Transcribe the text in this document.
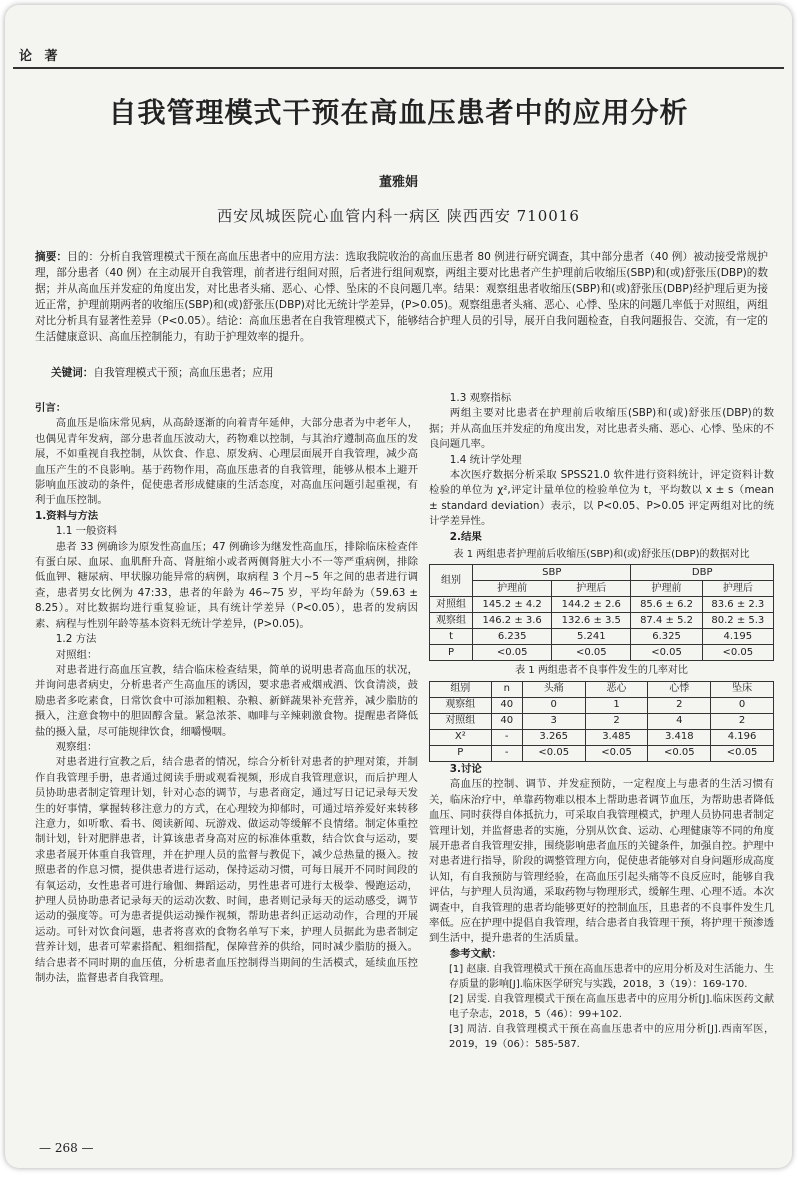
论 著
自我管理模式干预在高血压患者中的应用分析
董雅娟
西安凤城医院心血管内科一病区 陕西西安 710016
摘要：目的：分析自我管理模式干预在高血压患者中的应用方法：选取我院收治的高血压患者 80 例进行研究调查，其中部分患者（40 例）被动接受常规护理，部分患者（40 例）在主动展开自我管理，前者进行组间对照，后者进行组间观察，两组主要对比患者产生护理前后收缩压(SBP)和(或)舒张压(DBP)的数据；并从高血压并发症的角度出发，对比患者头痛、恶心、心悸、坠床的不良问题几率。结果：观察组患者收缩压(SBP)和(或)舒张压(DBP)经护理后更为接近正常，护理前期两者的收缩压(SBP)和(或)舒张压(DBP)对比无统计学差异，(P>0.05)。观察组患者头痛、恶心、心悸、坠床的问题几率低于对照组，两组对比分析具有显著性差异（P<0.05）。结论：高血压患者在自我管理模式下，能够结合护理人员的引导，展开自我问题检查，自我问题报告、交流，有一定的生活健康意识、高血压控制能力，有助于护理效率的提升。
关键词：自我管理模式干预；高血压患者；应用

引言：

高血压是临床常见病，从高龄逐渐的向着青年延伸，大部分患者为中老年人，也偶见青年发病，部分患者血压波动大，药物难以控制，与其治疗遵制高血压的发展，不如重视自我控制，从饮食、作息、原发病、心理层面展开自我管理，减少高血压产生的不良影响。基于药物作用，高血压患者的自我管理，能够从根本上避开影响血压波动的条件，促使患者形成健康的生活态度，对高血压问题引起重视，有利于血压控制。

1.资料与方法

1.1 一般资料

患者 33 例确诊为原发性高血压；47 例确诊为继发性高血压，排除临床检查伴有蛋白尿、血尿、血肌酐升高、肾脏缩小或者两侧肾脏大小不一等严重病例，排除低血钾、糖尿病、甲状腺功能异常的病例，取病程 3 个月~5 年之间的患者进行调查，患者男女比例为 47:33，患者的年龄为 46~75 岁，平均年龄为（59.63 ± 8.25）。对比数据均进行重复验证，具有统计学差异（P<0.05），患者的发病因素、病程与性别年龄等基本资料无统计学差异，(P>0.05)。

1.2 方法

对照组：

对患者进行高血压宣教，结合临床检查结果，简单的说明患者高血压的状况，并询问患者病史，分析患者产生高血压的诱因，要求患者戒烟戒酒、饮食清淡，鼓励患者多吃素食，日常饮食中可添加粗粮、杂粮、新鲜蔬果补充营养，减少脂肪的摄入，注意食物中的胆固醇含量。紧急浓茶、咖啡与辛辣刺激食物。提醒患者降低盐的摄入量，尽可能规律饮食，细嚼慢咽。

观察组：

对患者进行宣教之后，结合患者的情况，综合分析针对患者的护理对策，并制作自我管理手册，患者通过阅读手册或观看视频，形成自我管理意识，而后护理人员协助患者制定管理计划，针对心态的调节，与患者商定，通过写日记记录每天发生的好事情，掌握转移注意力的方式，在心理较为抑郁时，可通过培养爱好来转移注意力，如听歌、看书、阅读新闻、玩游戏、做运动等缓解不良情绪。制定体重控制计划，针对肥胖患者，计算该患者身高对应的标准体重数，结合饮食与运动，要求患者展开体重自我管理，并在护理人员的监督与教促下，减少总热量的摄入。按照患者的作息习惯，提供患者进行运动，保持运动习惯，可每日展开不同时间段的有氧运动，女性患者可进行瑜伽、舞蹈运动，男性患者可进行太极拳、慢跑运动，护理人员协助患者记录每天的运动次数、时间，患者则记录每天的运动感受，调节运动的强度等。可为患者提供运动操作视频，帮助患者纠正运动动作，合理的开展运动。可针对饮食问题，患者将喜欢的食物名单写下来，护理人员据此为患者制定营养计划，患者可荤素搭配、粗细搭配，保障营养的供给，同时减少脂肪的摄入。结合患者不同时期的血压值，分析患者血压控制得当期间的生活模式，延续血压控制办法，监督患者自我管理。

1.3 观察指标

两组主要对比患者在护理前后收缩压(SBP)和(或)舒张压(DBP)的数据；并从高血压并发症的角度出发，对比患者头痛、恶心、心悸、坠床的不良问题几率。

1.4 统计学处理

本次医疗数据分析采取 SPSS21.0 软件进行资料统计，评定资料计数检验的单位为 χ²,评定计量单位的检验单位为 t，平均数以 x ± s（mean ± standard deviation）表示，以 P<0.05、P>0.05 评定两组对比的统计学差异性。

2.结果

表 1 两组患者护理前后收缩压(SBP)和(或)舒张压(DBP)的数据对比
组别	SBP		DBP	
	护理前	护理后	护理前	护理后
对照组	145.2 ± 4.2	144.2 ± 2.6	85.6 ± 6.2	83.6 ± 2.3
观察组	146.2 ± 3.6	132.6 ± 3.5	87.4 ± 5.2	80.2 ± 5.3
t	6.235	5.241	6.325	4.195
P	<0.05	<0.05	<0.05	<0.05
表 1 两组患者不良事件发生的几率对比
组别	n	头痛	恶心	心悸	坠床
观察组	40	0	1	2	0
对照组	40	3	2	4	2
X²	-	3.265	3.485	3.418	4.196
P	-	<0.05	<0.05	<0.05	<0.05

3.讨论

高血压的控制、调节、并发症预防，一定程度上与患者的生活习惯有关，临床治疗中，单靠药物难以根本上帮助患者调节血压，为帮助患者降低血压、同时获得自体抵抗力，可采取自我管理模式，护理人员协同患者制定管理计划，并监督患者的实施，分别从饮食、运动、心理健康等不同的角度展开患者自我管理安排，围绕影响患者血压的关键条件，加强自控。护理中对患者进行指导，阶段的调整管理方向，促使患者能够对自身问题形成高度认知，有自我预防与管理经验，在高血压引起头痛等不良反应时，能够自我评估，与护理人员沟通，采取药物与物理形式，缓解生理、心理不适。本次调查中，自我管理的患者均能够更好的控制血压，且患者的不良事件发生几率低。应在护理中提倡自我管理，结合患者自我管理干预，将护理干预渗透到生活中，提升患者的生活质量。

参考文献：

[1] 赵康. 自我管理模式干预在高血压患者中的应用分析及对生活能力、生存质量的影响[J].临床医学研究与实践，2018，3（19）：169-170.

[2] 居雯. 自我管理模式干预在高血压患者中的应用分析[J].临床医药文献电子杂志，2018，5（46）：99+102.

[3] 周洁. 自我管理模式干预在高血压患者中的应用分析[J].西南军医，2019，19（06）：585-587.

— 268 —
